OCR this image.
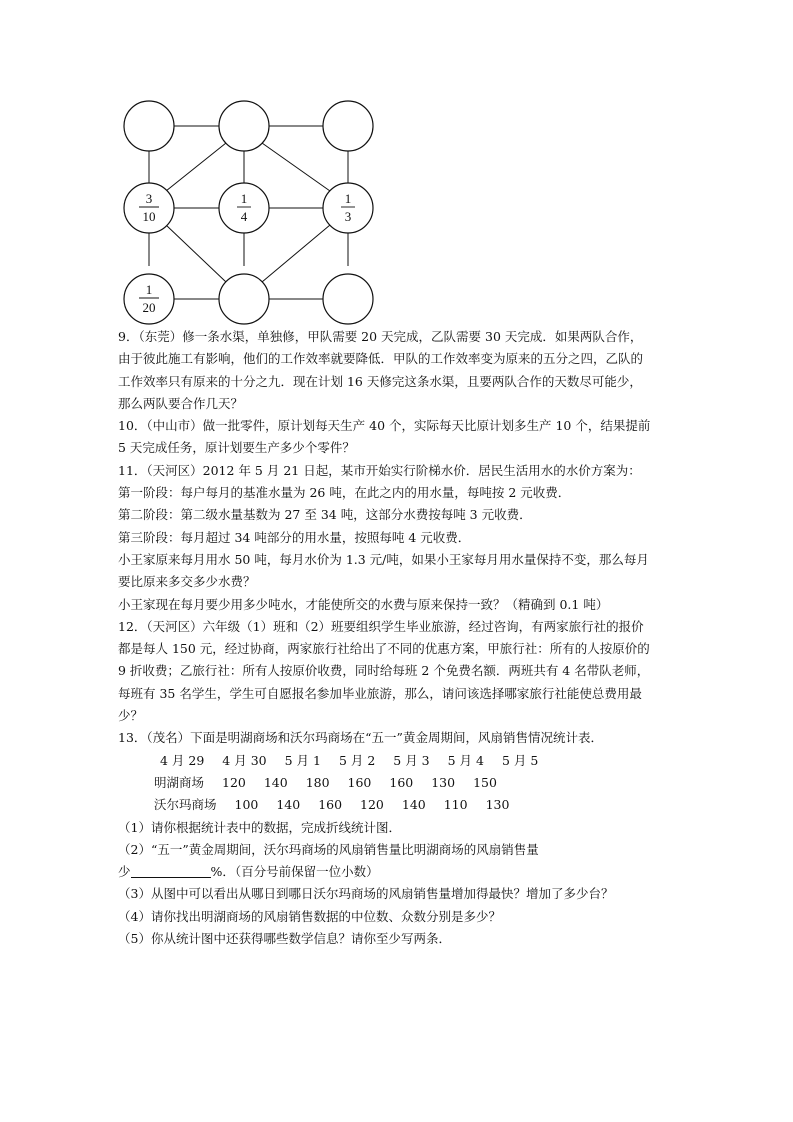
3
10
1
4
1
3
1
20

9．（东莞）修一条水渠，单独修，甲队需要 20 天完成，乙队需要 30 天完成．如果两队合作，

由于彼此施工有影响，他们的工作效率就要降低．甲队的工作效率变为原来的五分之四，乙队的

工作效率只有原来的十分之九．现在计划 16 天修完这条水渠，且要两队合作的天数尽可能少，

那么两队要合作几天？

10．（中山市）做一批零件，原计划每天生产 40 个，实际每天比原计划多生产 10 个，结果提前

5 天完成任务，原计划要生产多少个零件？

11．（天河区）2012 年 5 月 21 日起，某市开始实行阶梯水价．居民生活用水的水价方案为：

第一阶段：每户每月的基准水量为 26 吨，在此之内的用水量，每吨按 2 元收费．

第二阶段：第二级水量基数为 27 至 34 吨，这部分水费按每吨 3 元收费．

第三阶段：每月超过 34 吨部分的用水量，按照每吨 4 元收费．

小王家原来每月用水 50 吨，每月水价为 1.3 元/吨，如果小王家每月用水量保持不变，那么每月

要比原来多交多少水费？

小王家现在每月要少用多少吨水，才能使所交的水费与原来保持一致？（精确到 0.1 吨）

12．（天河区）六年级（1）班和（2）班要组织学生毕业旅游，经过咨询，有两家旅行社的报价

都是每人 150 元，经过协商，两家旅行社给出了不同的优惠方案，甲旅行社：所有的人按原价的

9 折收费；乙旅行社：所有人按原价收费，同时给每班 2 个免费名额．两班共有 4 名带队老师，

每班有 35 名学生，学生可自愿报名参加毕业旅游，那么，请问该选择哪家旅行社能使总费用最

少？

13．（茂名）下面是明湖商场和沃尔玛商场在“五一”黄金周期间，风扇销售情况统计表．

4 月 29 4 月 30 5 月 1 5 月 2 5 月 3 5 月 4 5 月 5

明湖商场 120 140 180 160 160 130 150

沃尔玛商场 100 140 160 120 140 110 130

（1）请你根据统计表中的数据，完成折线统计图．

（2）“五一”黄金周期间，沃尔玛商场的风扇销售量比明湖商场的风扇销售量

少	%．（百分号前保留一位小数）

（3）从图中可以看出从哪日到哪日沃尔玛商场的风扇销售量增加得最快？增加了多少台？

（4）请你找出明湖商场的风扇销售数据的中位数、众数分别是多少？

（5）你从统计图中还获得哪些数学信息？请你至少写两条．
